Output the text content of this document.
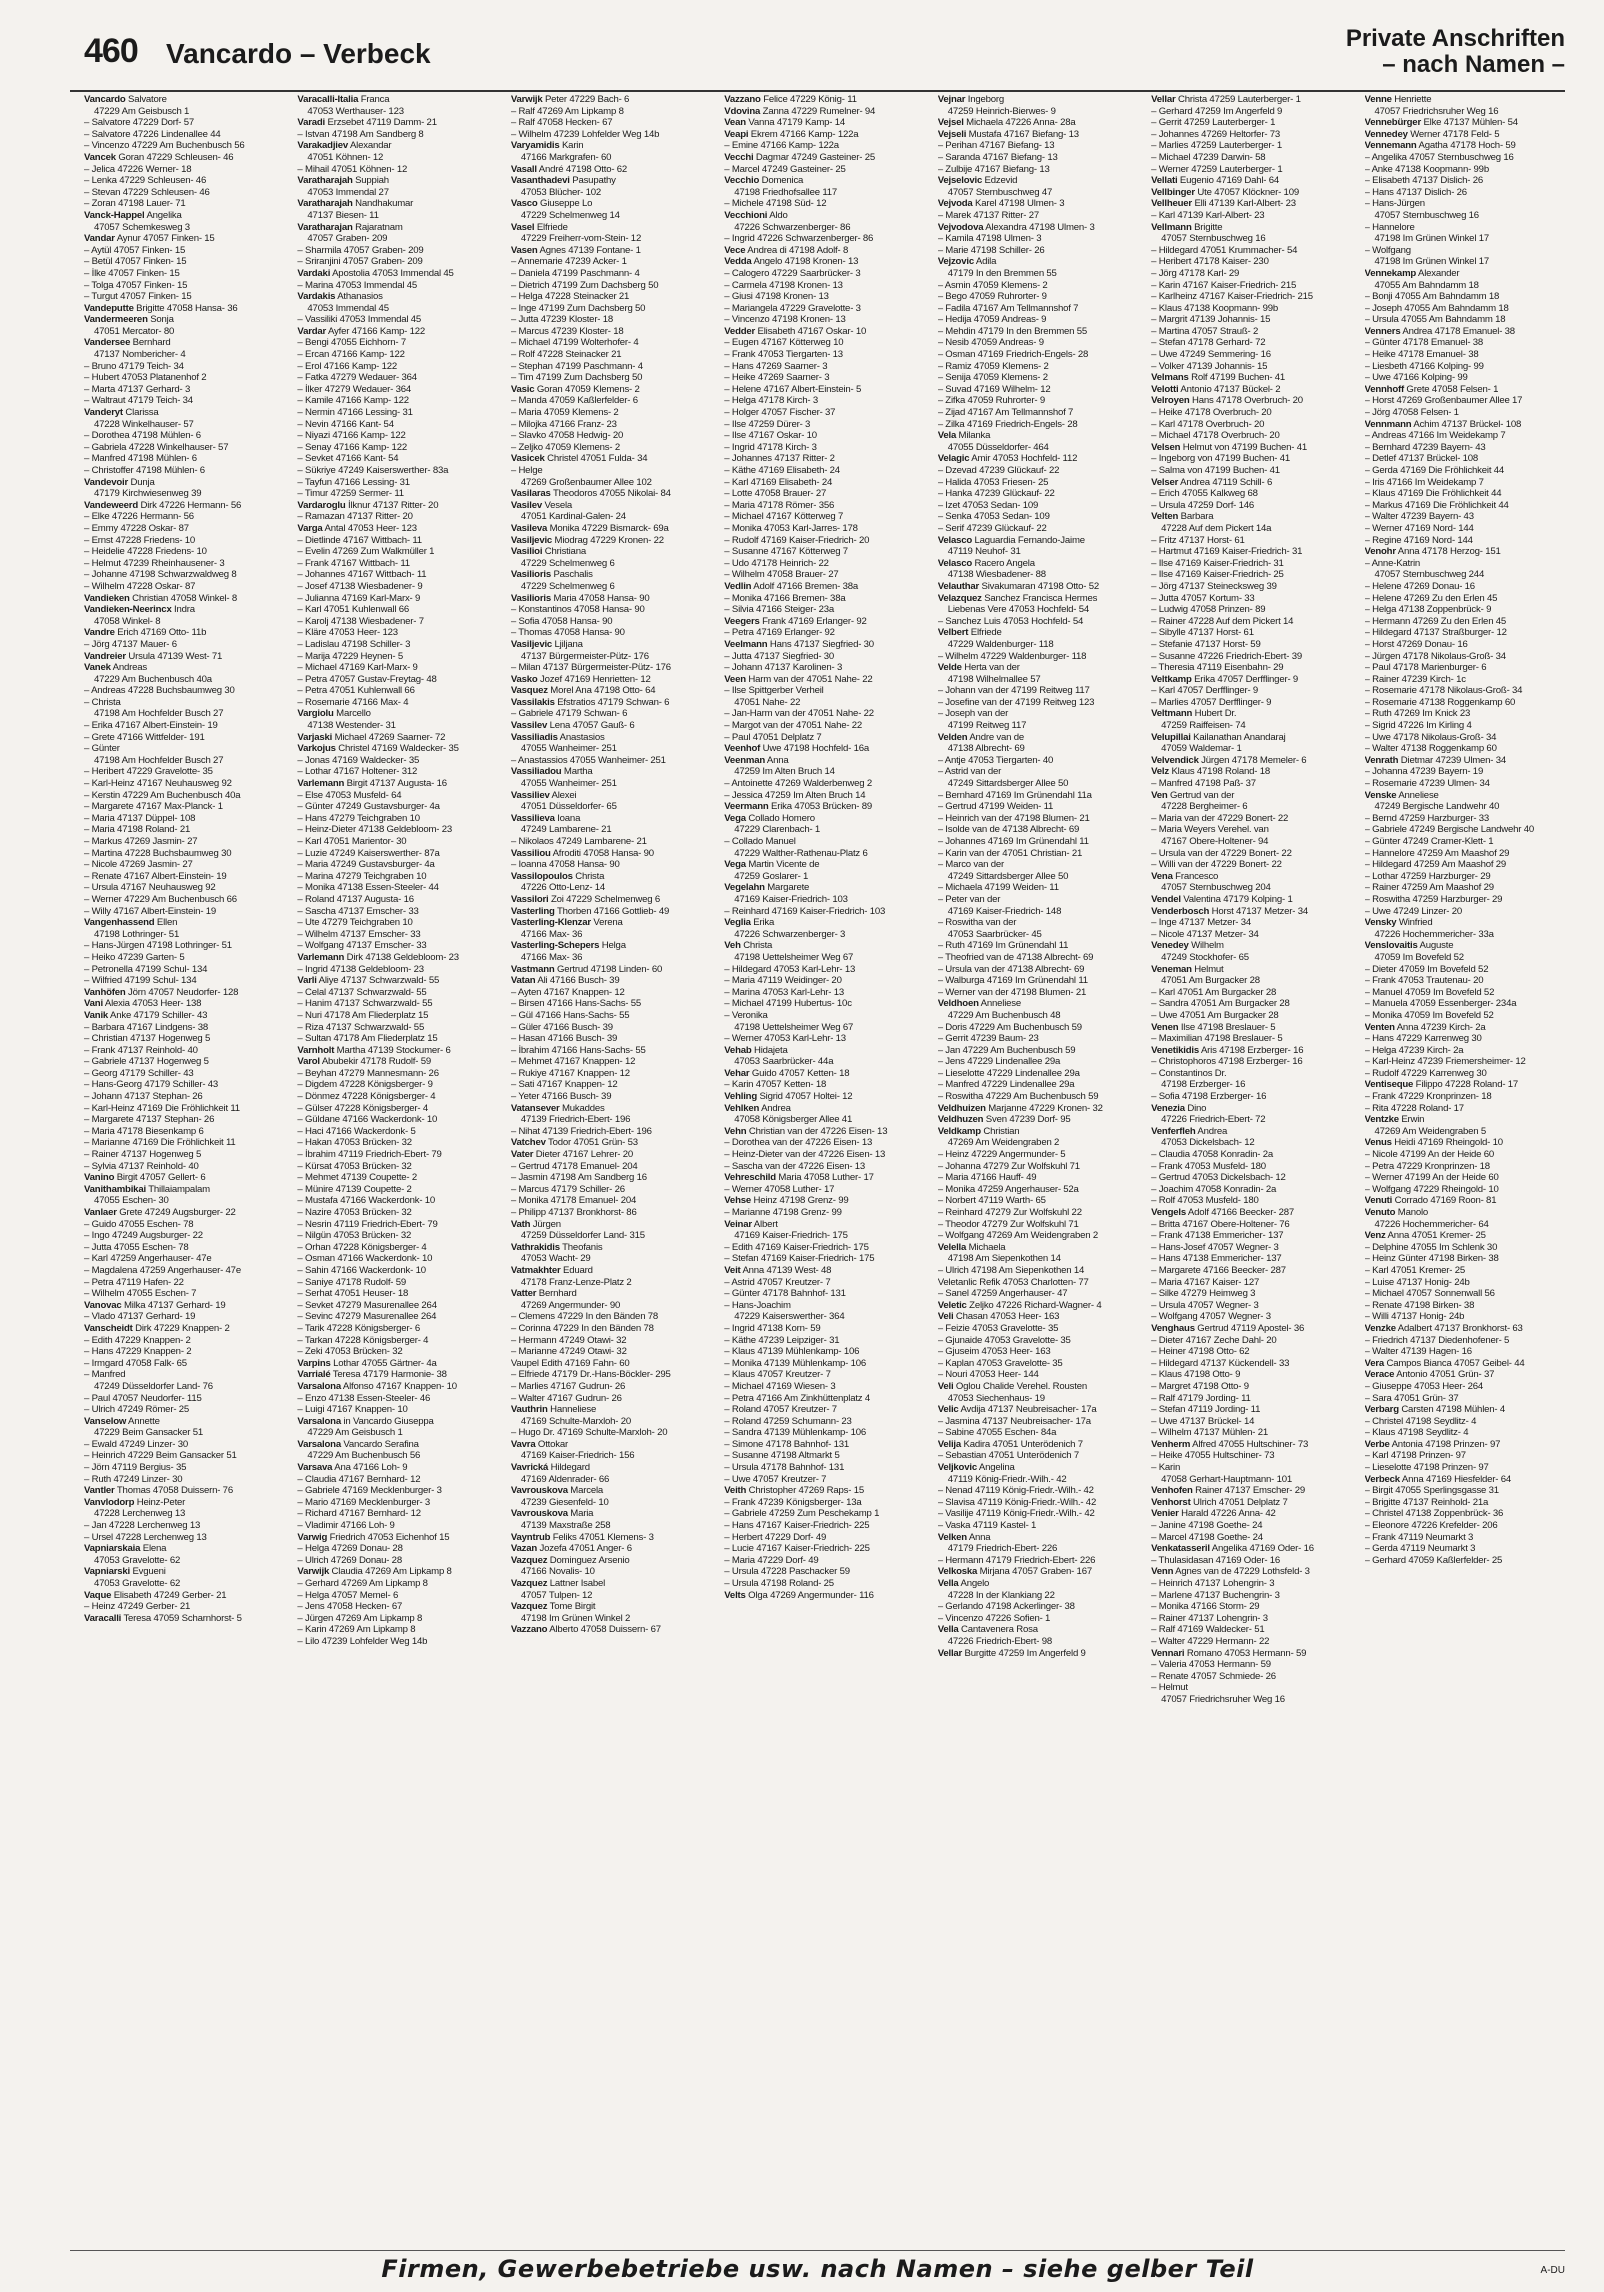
460 Vancardo – Verbeck	Private Anschriften
– nach Namen –
Vancardo Salvatore
47229 Am Geisbusch 1
– Salvatore 47229 Dorf- 57
– Salvatore 47226 Lindenallee 44
– Vincenzo 47229 Am Buchenbusch 56
Vancek Goran 47229 Schleusen- 46
– Jelica 47226 Werner- 18
– Lenka 47229 Schleusen- 46
– Stevan 47229 Schleusen- 46
– Zoran 47198 Lauer- 71
Vanck-Happel Angelika
47057 Schemkesweg 3
Vandar Aynur 47057 Finken- 15
– Aytül 47057 Finken- 15
– Betül 47057 Finken- 15
– İlke 47057 Finken- 15
– Tolga 47057 Finken- 15
– Turgut 47057 Finken- 15
Vandeputte Brigitte 47058 Hansa- 36
Vandermeeren Sonja
47051 Mercator- 80
Vandersee Bernhard
47137 Nombericher- 4
– Bruno 47179 Teich- 34
– Hubert 47053 Platanenhof 2
– Marta 47137 Gerhard- 3
– Waltraut 47179 Teich- 34
Vanderyt Clarissa
47228 Winkelhauser- 57
– Dorothea 47198 Mühlen- 6
– Gabriela 47228 Winkelhauser- 57
– Manfred 47198 Mühlen- 6
– Christoffer 47198 Mühlen- 6
Vandevoir Dunja
47179 Kirchwiesenweg 39
Vandeweerd Dirk 47226 Hermann- 56
– Elke 47226 Hermann- 56
– Emmy 47228 Oskar- 87
– Ernst 47228 Friedens- 10
– Heidelie 47228 Friedens- 10
– Helmut 47239 Rheinhausener- 3
– Johanne 47198 Schwarzwaldweg 8
– Wilhelm 47228 Oskar- 87
Vandieken Christian 47058 Winkel- 8
Vandieken-Neerincx Indra
47058 Winkel- 8
Vandre Erich 47169 Otto- 11b
– Jörg 47137 Mauer- 6
Vandreier Ursula 47139 West- 71
Vanek Andreas
47229 Am Buchenbusch 40a
– Andreas 47228 Buchsbaumweg 30
– Christa
47198 Am Hochfelder Busch 27
– Erika 47167 Albert-Einstein- 19
– Grete 47166 Wittfelder- 191
– Günter
47198 Am Hochfelder Busch 27
– Heribert 47229 Gravelotte- 35
– Karl-Heinz 47167 Neuhausweg 92
– Kerstin 47229 Am Buchenbusch 40a
– Margarete 47167 Max-Planck- 1
– Maria 47137 Düppel- 108
– Maria 47198 Roland- 21
– Markus 47269 Jasmin- 27
– Martina 47228 Buchsbaumweg 30
– Nicole 47269 Jasmin- 27
– Renate 47167 Albert-Einstein- 19
– Ursula 47167 Neuhausweg 92
– Werner 47229 Am Buchenbusch 66
– Willy 47167 Albert-Einstein- 19
Vangenhassend Ellen
47198 Lothringer- 51
– Hans-Jürgen 47198 Lothringer- 51
– Heiko 47239 Garten- 5
– Petronella 47199 Schul- 134
– Wilfried 47199 Schul- 134
Vanhöfen Jörn 47057 Neudorfer- 128
Vani Alexia 47053 Heer- 138
Vanik Anke 47179 Schiller- 43
– Barbara 47167 Lindgens- 38
– Christian 47137 Hogenweg 5
– Frank 47137 Reinhold- 40
– Gabriele 47137 Hogenweg 5
– Georg 47179 Schiller- 43
– Hans-Georg 47179 Schiller- 43
– Johann 47137 Stephan- 26
– Karl-Heinz 47169 Die Fröhlichkeit 11
– Margarete 47137 Stephan- 26
– Maria 47178 Biesenkamp 6
– Marianne 47169 Die Fröhlichkeit 11
– Rainer 47137 Hogenweg 5
– Sylvia 47137 Reinhold- 40
Vanino Birgit 47057 Gellert- 6
Vanithambikai Thillaiampalam
47055 Eschen- 30
Vanlaer Grete 47249 Augsburger- 22
– Guido 47055 Eschen- 78
– Ingo 47249 Augsburger- 22
– Jutta 47055 Eschen- 78
– Karl 47259 Angerhauser- 47e
– Magdalena 47259 Angerhauser- 47e
– Petra 47119 Hafen- 22
– Wilhelm 47055 Eschen- 7
Vanovac Milka 47137 Gerhard- 19
– Vlado 47137 Gerhard- 19
Vanscheidt Dirk 47229 Knappen- 2
– Edith 47229 Knappen- 2
– Hans 47229 Knappen- 2
– Irmgard 47058 Falk- 65
– Manfred
47249 Düsseldorfer Land- 76
– Paul 47057 Neudorfer- 115
– Ulrich 47249 Römer- 25
Vanselow Annette
47229 Beim Gansacker 51
– Ewald 47249 Linzer- 30
– Heinrich 47229 Beim Gansacker 51
– Jörn 47119 Bergius- 35
– Ruth 47249 Linzer- 30
Vantler Thomas 47058 Duissern- 76
Vanvlodorp Heinz-Peter
47228 Lerchenweg 13
– Jan 47228 Lerchenweg 13
– Ursel 47228 Lerchenweg 13
Vapniarskaia Elena
47053 Gravelotte- 62
Vapniarski Evgueni
47053 Gravelotte- 62
Vaque Elisabeth 47249 Gerber- 21
– Heinz 47249 Gerber- 21
Varacalli Teresa 47059 Scharnhorst- 5
Varacalli-Italia Franca
47053 Werthauser- 123
Varadi Erzsebet 47119 Damm- 21
– Istvan 47198 Am Sandberg 8
Varakadjiev Alexandar
47051 Köhnen- 12
– Mihail 47051 Köhnen- 12
Varatharajah Suppiah
47053 Immendal 27
Varatharajah Nandhakumar
47137 Biesen- 11
Varatharajan Rajaratnam
47057 Graben- 209
– Sharmila 47057 Graben- 209
– Sriranjini 47057 Graben- 209
Vardaki Apostolia 47053 Immendal 45
– Marina 47053 Immendal 45
Vardakis Athanasios
47053 Immendal 45
– Vassiliki 47053 Immendal 45
Vardar Ayfer 47166 Kamp- 122
– Bengi 47055 Eichhorn- 7
– Ercan 47166 Kamp- 122
– Erol 47166 Kamp- 122
– Fatka 47279 Wedauer- 364
– İlker 47279 Wedauer- 364
– Kamile 47166 Kamp- 122
– Nermin 47166 Lessing- 31
– Nevin 47166 Kant- 54
– Niyazi 47166 Kamp- 122
– Senay 47166 Kamp- 122
– Sevket 47166 Kant- 54
– Sükriye 47249 Kaiserswerther- 83a
– Tayfun 47166 Lessing- 31
– Timur 47259 Sermer- 11
Vardaroglu İlknur 47137 Ritter- 20
– Ramazan 47137 Ritter- 20
Varga Antal 47053 Heer- 123
– Dietlinde 47167 Wittbach- 11
– Evelin 47269 Zum Walkmüller 1
– Frank 47167 Wittbach- 11
– Johannes 47167 Wittbach- 11
– Josef 47138 Wiesbadener- 9
– Julianna 47169 Karl-Marx- 9
– Karl 47051 Kuhlenwall 66
– Karolj 47138 Wiesbadener- 7
– Kläre 47053 Heer- 123
– Ladislau 47198 Schiller- 3
– Marija 47229 Heynen- 5
– Michael 47169 Karl-Marx- 9
– Petra 47057 Gustav-Freytag- 48
– Petra 47051 Kuhlenwall 66
– Rosemarie 47166 Max- 4
Vargiolu Marcello
47138 Westender- 31
Varjaski Michael 47269 Saarner- 72
Varkojus Christel 47169 Waldecker- 35
– Jonas 47169 Waldecker- 35
– Lothar 47167 Holtener- 312
Varlemann Birgit 47137 Augusta- 16
– Else 47053 Musfeld- 64
– Günter 47249 Gustavsburger- 4a
– Hans 47279 Teichgraben 10
– Heinz-Dieter 47138 Geldebloom- 23
– Karl 47051 Marientor- 30
– Luzie 47249 Kaiserswerther- 87a
– Maria 47249 Gustavsburger- 4a
– Marina 47279 Teichgraben 10
– Monika 47138 Essen-Steeler- 44
– Roland 47137 Augusta- 16
– Sascha 47137 Emscher- 33
– Ute 47279 Teichgraben 10
– Wilhelm 47137 Emscher- 33
– Wolfgang 47137 Emscher- 33
Varlemann Dirk 47138 Geldebloom- 23
– Ingrid 47138 Geldebloom- 23
Varli Aliye 47137 Schwarzwald- 55
– Celal 47137 Schwarzwald- 55
– Hanim 47137 Schwarzwald- 55
– Nuri 47178 Am Fliederplatz 15
– Riza 47137 Schwarzwald- 55
– Sultan 47178 Am Fliederplatz 15
Varnholt Martha 47139 Stockumer- 6
Varol Abubekir 47178 Rudolf- 59
– Beyhan 47279 Mannesmann- 26
– Digdem 47228 Königsberger- 9
– Dönmez 47228 Königsberger- 4
– Gülser 47228 Königsberger- 4
– Güldane 47166 Wackerdonk- 10
– Haci 47166 Wackerdonk- 5
– Hakan 47053 Brücken- 32
– İbrahim 47119 Friedrich-Ebert- 79
– Kürsat 47053 Brücken- 32
– Mehmet 47139 Coupette- 2
– Münire 47139 Coupette- 2
– Mustafa 47166 Wackerdonk- 10
– Nazire 47053 Brücken- 32
– Nesrin 47119 Friedrich-Ebert- 79
– Nilgün 47053 Brücken- 32
– Orhan 47228 Königsberger- 4
– Osman 47166 Wackerdonk- 10
– Sahin 47166 Wackerdonk- 10
– Saniye 47178 Rudolf- 59
– Serhat 47051 Heuser- 18
– Sevket 47279 Masurenallee 264
– Sevinc 47279 Masurenallee 264
– Tarik 47228 Königsberger- 6
– Tarkan 47228 Königsberger- 4
– Zeki 47053 Brücken- 32
Varpins Lothar 47055 Gärtner- 4a
Varrialé Teresa 47179 Harmonie- 38
Varsalona Alfonso 47167 Knappen- 10
– Enzo 47138 Essen-Steeler- 46
– Luigi 47167 Knappen- 10
Varsalona in Vancardo Giuseppa
47229 Am Geisbusch 1
Varsalona Vancardo Serafina
47229 Am Buchenbusch 56
Varsava Ana 47166 Loh- 9
– Claudia 47167 Bernhard- 12
– Gabriele 47169 Mecklenburger- 3
– Mario 47169 Mecklenburger- 3
– Richard 47167 Bernhard- 12
– Vladimir 47166 Loh- 9
Varwig Friedrich 47053 Eichenhof 15
– Helga 47269 Donau- 28
– Ulrich 47269 Donau- 28
Varwijk Claudia 47269 Am Lipkamp 8
– Gerhard 47269 Am Lipkamp 8
– Helga 47057 Memel- 6
– Jens 47058 Hecken- 67
– Jürgen 47269 Am Lipkamp 8
– Karin 47269 Am Lipkamp 8
– Lilo 47239 Lohfelder Weg 14b
Varwijk Peter 47229 Bach- 6
– Ralf 47269 Am Lipkamp 8
– Ralf 47058 Hecken- 67
– Wilhelm 47239 Lohfelder Weg 14b
Varyamidis Karin
47166 Markgrafen- 60
Vasall André 47198 Otto- 62
Vasanthadevi Pasupathy
47053 Blücher- 102
Vasco Giuseppe Lo
47229 Schelmenweg 14
Vasel Elfriede
47229 Freiherr-vom-Stein- 12
Vasen Agnes 47139 Fontane- 1
– Annemarie 47239 Acker- 1
– Daniela 47199 Paschmann- 4
– Dietrich 47199 Zum Dachsberg 50
– Helga 47228 Steinacker 21
– Inge 47199 Zum Dachsberg 50
– Jutta 47239 Kloster- 18
– Marcus 47239 Kloster- 18
– Michael 47199 Wolterhofer- 4
– Rolf 47228 Steinacker 21
– Stephan 47199 Paschmann- 4
– Tim 47199 Zum Dachsberg 50
Vasic Goran 47059 Klemens- 2
– Manda 47059 Kaßlerfelder- 6
– Maria 47059 Klemens- 2
– Milojka 47166 Franz- 23
– Slavko 47058 Hedwig- 20
– Zeljko 47059 Klemens- 2
Vasicek Christel 47051 Fulda- 34
– Helge
47269 Großenbaumer Allee 102
Vasilaras Theodoros 47055 Nikolai- 84
Vasilev Vesela
47051 Kardinal-Galen- 24
Vasileva Monika 47229 Bismarck- 69a
Vasiljevic Miodrag 47229 Kronen- 22
Vasilioi Christiana
47229 Schelmenweg 6
Vasilioris Paschalis
47229 Schelmenweg 6
Vasilioris Maria 47058 Hansa- 90
– Konstantinos 47058 Hansa- 90
– Sofia 47058 Hansa- 90
– Thomas 47058 Hansa- 90
Vasiljevic Ljiljana
47137 Bürgermeister-Pütz- 176
– Milan 47137 Bürgermeister-Pütz- 176
Vasko Jozef 47169 Henrietten- 12
Vasquez Morel Ana 47198 Otto- 64
Vassilakis Efstratios 47179 Schwan- 6
– Gabriele 47179 Schwan- 6
Vassilev Lena 47057 Gauß- 6
Vassiliadis Anastasios
47055 Wanheimer- 251
– Anastassios 47055 Wanheimer- 251
Vassiliadou Martha
47055 Wanheimer- 251
Vassiliev Alexei
47051 Düsseldorfer- 65
Vassilieva Ioana
47249 Lambarene- 21
– Nikolaos 47249 Lambarene- 21
Vassiliou Afroditi 47058 Hansa- 90
– Ioanna 47058 Hansa- 90
Vassilopoulos Christa
47226 Otto-Lenz- 14
Vassilori Zoi 47229 Schelmenweg 6
Vasterling Thorben 47166 Gottlieb- 49
Vasterling-Klenzar Verena
47166 Max- 36
Vasterling-Schepers Helga
47166 Max- 36
Vastmann Gertrud 47198 Linden- 60
Vatan Ali 47166 Busch- 39
– Ayten 47167 Knappen- 12
– Birsen 47166 Hans-Sachs- 55
– Gül 47166 Hans-Sachs- 55
– Güler 47166 Busch- 39
– Hasan 47166 Busch- 39
– İbrahim 47166 Hans-Sachs- 55
– Mehmet 47167 Knappen- 12
– Rukiye 47167 Knappen- 12
– Sati 47167 Knappen- 12
– Yeter 47166 Busch- 39
Vatansever Mukaddes
47139 Friedrich-Ebert- 196
– Nihat 47139 Friedrich-Ebert- 196
Vatchev Todor 47051 Grün- 53
Vater Dieter 47167 Lehrer- 20
– Gertrud 47178 Emanuel- 204
– Jasmin 47198 Am Sandberg 16
– Marcus 47179 Schiller- 26
– Monika 47178 Emanuel- 204
– Philipp 47137 Bronkhorst- 86
Vath Jürgen
47259 Düsseldorfer Land- 315
Vathrakidis Theofanis
47053 Wacht- 29
Vatmakhter Eduard
47178 Franz-Lenze-Platz 2
Vatter Bernhard
47269 Angermunder- 90
– Clemens 47229 In den Bänden 78
– Corinna 47229 In den Bänden 78
– Hermann 47249 Otawi- 32
– Marianne 47249 Otawi- 32
Vaupel Edith 47169 Fahn- 60
– Elfriede 47179 Dr.-Hans-Böckler- 295
– Marlies 47167 Gudrun- 26
– Walter 47167 Gudrun- 26
Vauthrin Hanneliese
47169 Schulte-Marxloh- 20
– Hugo Dr. 47169 Schulte-Marxloh- 20
Vavra Ottokar
47169 Kaiser-Friedrich- 156
Vavrická Hildegard
47169 Aldenrader- 66
Vavrouskova Marcela
47239 Giesenfeld- 10
Vavrouskova Maria
47139 Maxstraße 258
Vayntrub Feliks 47051 Klemens- 3
Vazan Jozefa 47051 Anger- 6
Vazquez Dominguez Arsenio
47166 Novalis- 10
Vazquez Lattner Isabel
47057 Tulpen- 12
Vazquez Tome Birgit
47198 Im Grünen Winkel 2
Vazzano Alberto 47058 Duissern- 67
Vazzano Felice 47229 König- 11
Vdovina Zanna 47229 Rumelner- 94
Vean Vanna 47179 Kamp- 14
Veapi Ekrem 47166 Kamp- 122a
– Emine 47166 Kamp- 122a
Vecchi Dagmar 47249 Gasteiner- 25
– Marcel 47249 Gasteiner- 25
Vecchio Domenica
47198 Friedhofsallee 117
– Michele 47198 Süd- 12
Vecchioni Aldo
47226 Schwarzenberger- 86
– Ingrid 47226 Schwarzenberger- 86
Vece Andrea di 47198 Adolf- 8
Vedda Angelo 47198 Kronen- 13
– Calogero 47229 Saarbrücker- 3
– Carmela 47198 Kronen- 13
– Giusi 47198 Kronen- 13
– Mariangela 47229 Gravelotte- 3
– Vincenzo 47198 Kronen- 13
Vedder Elisabeth 47167 Oskar- 10
– Eugen 47167 Kötterweg 10
– Frank 47053 Tiergarten- 13
– Hans 47269 Saarner- 3
– Heike 47269 Saarner- 3
– Helene 47167 Albert-Einstein- 5
– Helga 47178 Kirch- 3
– Holger 47057 Fischer- 37
– Ilse 47259 Dürer- 3
– Ilse 47167 Oskar- 10
– Ingrid 47178 Kirch- 3
– Johannes 47137 Ritter- 2
– Käthe 47169 Elisabeth- 24
– Karl 47169 Elisabeth- 24
– Lotte 47058 Brauer- 27
– Maria 47178 Römer- 356
– Michael 47167 Kötterweg 7
– Monika 47053 Karl-Jarres- 178
– Rudolf 47169 Kaiser-Friedrich- 20
– Susanne 47167 Kötterweg 7
– Udo 47178 Heinrich- 22
– Wilhelm 47058 Brauer- 27
Vedlin Adolf 47166 Bremen- 38a
– Monika 47166 Bremen- 38a
– Silvia 47166 Steiger- 23a
Veegers Frank 47169 Erlanger- 92
– Petra 47169 Erlanger- 92
Veelmann Hans 47137 Siegfried- 30
– Jutta 47137 Siegfried- 30
– Johann 47137 Karolinen- 3
Veen Harm van der 47051 Nahe- 22
– Ilse Spittgerber Verheil
47051 Nahe- 22
– Jan-Harm van der 47051 Nahe- 22
– Margot van der 47051 Nahe- 22
– Paul 47051 Delplatz 7
Veenhof Uwe 47198 Hochfeld- 16a
Veenman Anna
47259 Im Alten Bruch 14
– Antoinette 47269 Walderbenweg 2
– Jessica 47259 Im Alten Bruch 14
Veermann Erika 47053 Brücken- 89
Vega Collado Homero
47229 Clarenbach- 1
– Collado Manuel
47229 Walther-Rathenau-Platz 6
Vega Martin Vicente de
47259 Goslarer- 1
Vegelahn Margarete
47169 Kaiser-Friedrich- 103
– Reinhard 47169 Kaiser-Friedrich- 103
Veglia Erika
47226 Schwarzenberger- 3
Veh Christa
47198 Uettelsheimer Weg 67
– Hildegard 47053 Karl-Lehr- 13
– Maria 47119 Weidinger- 20
– Marina 47053 Karl-Lehr- 13
– Michael 47199 Hubertus- 10c
– Veronika
47198 Uettelsheimer Weg 67
– Werner 47053 Karl-Lehr- 13
Vehab Hidajeta
47053 Saarbrücker- 44a
Vehar Guido 47057 Ketten- 18
– Karin 47057 Ketten- 18
Vehling Sigrid 47057 Holtei- 12
Vehlken Andrea
47058 Königsberger Allee 41
Vehn Christian van der 47226 Eisen- 13
– Dorothea van der 47226 Eisen- 13
– Heinz-Dieter van der 47226 Eisen- 13
– Sascha van der 47226 Eisen- 13
Vehreschild Maria 47058 Luther- 17
– Werner 47058 Luther- 17
Vehse Heinz 47198 Grenz- 99
– Marianne 47198 Grenz- 99
Veinar Albert
47169 Kaiser-Friedrich- 175
– Edith 47169 Kaiser-Friedrich- 175
– Stefan 47169 Kaiser-Friedrich- 175
Veit Anna 47139 West- 48
– Astrid 47057 Kreutzer- 7
– Günter 47178 Bahnhof- 131
– Hans-Joachim
47229 Kaiserswerther- 364
– Ingrid 47138 Korn- 59
– Käthe 47239 Leipziger- 31
– Klaus 47139 Mühlenkamp- 106
– Monika 47139 Mühlenkamp- 106
– Klaus 47057 Kreutzer- 7
– Michael 47169 Wiesen- 3
– Petra 47166 Am Zinkhüttenplatz 4
– Roland 47057 Kreutzer- 7
– Roland 47259 Schumann- 23
– Sandra 47139 Mühlenkamp- 106
– Simone 47178 Bahnhof- 131
– Susanne 47198 Altmarkt 5
– Ursula 47178 Bahnhof- 131
– Uwe 47057 Kreutzer- 7
Veith Christopher 47269 Raps- 15
– Frank 47239 Königsberger- 13a
– Gabriele 47259 Zum Peschekamp 1
– Hans 47167 Kaiser-Friedrich- 225
– Herbert 47229 Dorf- 49
– Lucie 47167 Kaiser-Friedrich- 225
– Maria 47229 Dorf- 49
– Ursula 47228 Paschacker 59
– Ursula 47198 Roland- 25
Velts Olga 47269 Angermunder- 116
Vejnar Ingeborg
47259 Heinrich-Bierwes- 9
Vejsel Michaela 47226 Anna- 28a
Vejseli Mustafa 47167 Biefang- 13
– Perihan 47167 Biefang- 13
– Saranda 47167 Biefang- 13
– Zulbije 47167 Biefang- 13
Vejselovic Edzevid
47057 Sternbuschweg 47
Vejvoda Karel 47198 Ulmen- 3
– Marek 47137 Ritter- 27
Vejvodova Alexandra 47198 Ulmen- 3
– Kamila 47198 Ulmen- 3
– Marie 47198 Schiller- 26
Vejzovic Adila
47179 In den Bremmen 55
– Asmin 47059 Klemens- 2
– Bego 47059 Ruhrorter- 9
– Fadila 47167 Am Tellmannshof 7
– Hedija 47059 Andreas- 9
– Mehdin 47179 In den Bremmen 55
– Nesib 47059 Andreas- 9
– Osman 47169 Friedrich-Engels- 28
– Ramiz 47059 Klemens- 2
– Senija 47059 Klemens- 2
– Suvad 47169 Wilhelm- 12
– Zifka 47059 Ruhrorter- 9
– Zijad 47167 Am Tellmannshof 7
– Zilka 47169 Friedrich-Engels- 28
Vela Milanka
47055 Düsseldorfer- 464
Velagic Amir 47053 Hochfeld- 112
– Dzevad 47239 Glückauf- 22
– Halida 47053 Friesen- 25
– Hanka 47239 Glückauf- 22
– Izet 47053 Sedan- 109
– Senka 47053 Sedan- 109
– Serif 47239 Glückauf- 22
Velasco Laguardia Fernando-Jaime
47119 Neuhof- 31
Velasco Racero Angela
47138 Wiesbadener- 88
Velauthar Sivakumaran 47198 Otto- 52
Velazquez Sanchez Francisca Hermes
Liebenas Vere 47053 Hochfeld- 54
– Sanchez Luis 47053 Hochfeld- 54
Velbert Elfriede
47229 Waldenburger- 118
– Wilhelm 47229 Waldenburger- 118
Velde Herta van der
47198 Wilhelmallee 57
– Johann van der 47199 Reitweg 117
– Josefine van der 47199 Reitweg 123
– Joseph van der
47199 Reitweg 117
Velden Andre van de
47138 Albrecht- 69
– Antje 47053 Tiergarten- 40
– Astrid van der
47249 Sittardsberger Allee 50
– Bernhard 47169 Im Grünendahl 11a
– Gertrud 47199 Weiden- 11
– Heinrich van der 47198 Blumen- 21
– Isolde van de 47138 Albrecht- 69
– Johannes 47169 Im Grünendahl 11
– Karin van der 47051 Christian- 21
– Marco van der
47249 Sittardsberger Allee 50
– Michaela 47199 Weiden- 11
– Peter van der
47169 Kaiser-Friedrich- 148
– Roswitha van der
47053 Saarbrücker- 45
– Ruth 47169 Im Grünendahl 11
– Theofried van de 47138 Albrecht- 69
– Ursula van der 47138 Albrecht- 69
– Walburga 47169 Im Grünendahl 11
– Werner van der 47198 Blumen- 21
Veldhoen Anneliese
47229 Am Buchenbusch 48
– Doris 47229 Am Buchenbusch 59
– Gerrit 47239 Baum- 23
– Jan 47229 Am Buchenbusch 59
– Jens 47229 Lindenallee 29a
– Lieselotte 47229 Lindenallee 29a
– Manfred 47229 Lindenallee 29a
– Roswitha 47229 Am Buchenbusch 59
Veldhuizen Marjanne 47229 Kronen- 32
Veldhuzen Sven 47239 Dorf- 95
Veldkamp Christian
47269 Am Weidengraben 2
– Heinz 47229 Angermunder- 5
– Johanna 47279 Zur Wolfskuhl 71
– Maria 47166 Hauff- 49
– Monika 47259 Angerhauser- 52a
– Norbert 47119 Warth- 65
– Reinhard 47279 Zur Wolfskuhl 22
– Theodor 47279 Zur Wolfskuhl 71
– Wolfgang 47269 Am Weidengraben 2
Velella Michaela
47198 Am Siepenkothen 14
– Ulrich 47198 Am Siepenkothen 14
Veletanlic Refik 47053 Charlotten- 77
– Sanel 47259 Angerhauser- 47
Veletic Zeljko 47226 Richard-Wagner- 4
Veli Chasan 47053 Heer- 163
– Feizie 47053 Gravelotte- 35
– Gjunaide 47053 Gravelotte- 35
– Gjuseim 47053 Heer- 163
– Kaplan 47053 Gravelotte- 35
– Nouri 47053 Heer- 144
Veli Oglou Chalide Verehel. Rousten
47053 Siechenhaus- 19
Velic Avdija 47137 Neubreisacher- 17a
– Jasmina 47137 Neubreisacher- 17a
– Sabine 47055 Eschen- 84a
Velija Kadira 47051 Unterödenich 7
– Sebastian 47051 Unterödenich 7
Veljkovic Angelina
47119 König-Friedr.-Wilh.- 42
– Nenad 47119 König-Friedr.-Wilh.- 42
– Slavisa 47119 König-Friedr.-Wilh.- 42
– Vasilije 47119 König-Friedr.-Wilh.- 42
– Vaska 47119 Kastel- 1
Velken Anna
47179 Friedrich-Ebert- 226
– Hermann 47179 Friedrich-Ebert- 226
Velkoska Mirjana 47057 Graben- 167
Vella Angelo
47228 In der Klankiang 22
– Gerlando 47198 Ackerlinger- 38
– Vincenzo 47226 Sofien- 1
Vella Cantavenera Rosa
47226 Friedrich-Ebert- 98
Vellar Burgitte 47259 Im Angerfeld 9
Vellar Christa 47259 Lauterberger- 1
– Gerhard 47259 Im Angerfeld 9
– Gerrit 47259 Lauterberger- 1
– Johannes 47269 Heltorfer- 73
– Marlies 47259 Lauterberger- 1
– Michael 47239 Darwin- 58
– Werner 47259 Lauterberger- 1
Vellati Eugenio 47169 Dahl- 64
Vellbinger Ute 47057 Klöckner- 109
Vellheuer Elli 47139 Karl-Albert- 23
– Karl 47139 Karl-Albert- 23
Vellmann Brigitte
47057 Sternbuschweg 16
– Hildegard 47051 Krummacher- 54
– Heribert 47178 Kaiser- 230
– Jörg 47178 Karl- 29
– Karin 47167 Kaiser-Friedrich- 215
– Karlheinz 47167 Kaiser-Friedrich- 215
– Klaus 47138 Koopmann- 99b
– Margrit 47139 Johannis- 15
– Martina 47057 Strauß- 2
– Stefan 47178 Gerhard- 72
– Uwe 47249 Semmering- 16
– Volker 47139 Johannis- 15
Velmans Rolf 47199 Buchen- 41
Velotti Antonio 47137 Bückel- 2
Velroyen Hans 47178 Overbruch- 20
– Heike 47178 Overbruch- 20
– Karl 47178 Overbruch- 20
– Michael 47178 Overbruch- 20
Velsen Helmut von 47199 Buchen- 41
– Ingeborg von 47199 Buchen- 41
– Salma von 47199 Buchen- 41
Velser Andrea 47119 Schill- 6
– Erich 47055 Kalkweg 68
– Ursula 47259 Dorf- 146
Velten Barbara
47228 Auf dem Pickert 14a
– Fritz 47137 Horst- 61
– Hartmut 47169 Kaiser-Friedrich- 31
– Ilse 47169 Kaiser-Friedrich- 31
– Ilse 47169 Kaiser-Friedrich- 25
– Jörg 47137 Steinecksweg 39
– Jutta 47057 Kortum- 33
– Ludwig 47058 Prinzen- 89
– Rainer 47228 Auf dem Pickert 14
– Sibylle 47137 Horst- 61
– Stefanie 47137 Horst- 59
– Susanne 47226 Friedrich-Ebert- 39
– Theresia 47119 Eisenbahn- 29
Veltkamp Erika 47057 Derfflinger- 9
– Karl 47057 Derfflinger- 9
– Marlies 47057 Derfflinger- 9
Veltmann Hubert Dr.
47259 Raiffeisen- 74
Velupillai Kailanathan Anandaraj
47059 Waldemar- 1
Velvendick Jürgen 47178 Memeler- 6
Velz Klaus 47198 Roland- 18
– Manfred 47198 Paß- 37
Ven Gertrud van der
47228 Bergheimer- 6
– Maria van der 47229 Bonert- 22
– Maria Weyers Verehel. van
47167 Obere-Holtener- 94
– Ursula van der 47229 Bonert- 22
– Willi van der 47229 Bonert- 22
Vena Francesco
47057 Sternbuschweg 204
Vendel Valentina 47179 Kolping- 1
Venderbosch Horst 47137 Metzer- 34
– Inge 47137 Metzer- 34
– Nicole 47137 Metzer- 34
Venedey Wilhelm
47249 Stockhofer- 65
Veneman Helmut
47051 Am Burgacker 28
– Karl 47051 Am Burgacker 28
– Sandra 47051 Am Burgacker 28
– Uwe 47051 Am Burgacker 28
Venen Ilse 47198 Breslauer- 5
– Maximilian 47198 Breslauer- 5
Venetikidis Aris 47198 Erzberger- 16
– Christophoros 47198 Erzberger- 16
– Constantinos Dr.
47198 Erzberger- 16
– Sofia 47198 Erzberger- 16
Venezia Dino
47226 Friedrich-Ebert- 72
Venferfleh Andrea
47053 Dickelsbach- 12
– Claudia 47058 Konradin- 2a
– Frank 47053 Musfeld- 180
– Gertrud 47053 Dickelsbach- 12
– Joachim 47058 Konradin- 2a
– Rolf 47053 Musfeld- 180
Vengels Adolf 47166 Beecker- 287
– Britta 47167 Obere-Holtener- 76
– Frank 47138 Emmericher- 137
– Hans-Josef 47057 Wegner- 3
– Hans 47138 Emmericher- 137
– Margarete 47166 Beecker- 287
– Maria 47167 Kaiser- 127
– Silke 47279 Heimweg 3
– Ursula 47057 Wegner- 3
– Wolfgang 47057 Wegner- 3
Venghaus Gertrud 47119 Apostel- 36
– Dieter 47167 Zeche Dahl- 20
– Heiner 47198 Otto- 62
– Hildegard 47137 Kückendell- 33
– Klaus 47198 Otto- 9
– Margret 47198 Otto- 9
– Ralf 47179 Jording- 11
– Stefan 47119 Jording- 11
– Uwe 47137 Brückel- 14
– Wilhelm 47137 Mühlen- 21
Venherm Alfred 47055 Hultschiner- 73
– Heike 47055 Hultschiner- 73
– Karin
47058 Gerhart-Hauptmann- 101
Venhofen Rainer 47137 Emscher- 29
Venhorst Ulrich 47051 Delplatz 7
Venier Harald 47226 Anna- 42
– Janine 47198 Goethe- 24
– Marcel 47198 Goethe- 24
Venkatasseril Angelika 47169 Oder- 16
– Thulasidasan 47169 Oder- 16
Venn Agnes van de 47229 Lothsfeld- 3
– Heinrich 47137 Lohengrin- 3
– Marlene 47137 Buchengrin- 3
– Monika 47166 Storm- 29
– Rainer 47137 Lohengrin- 3
– Ralf 47169 Waldecker- 51
– Walter 47229 Hermann- 22
Vennari Romano 47053 Hermann- 59
– Valeria 47053 Hermann- 59
– Renate 47057 Schmiede- 26
– Helmut
47057 Friedrichsruher Weg 16
Venne Henriette
47057 Friedrichsruher Weg 16
Vennebürger Elke 47137 Mühlen- 54
Vennedey Werner 47178 Feld- 5
Vennemann Agatha 47178 Hoch- 59
– Angelika 47057 Sternbuschweg 16
– Anke 47138 Koopmann- 99b
– Elisabeth 47137 Dislich- 26
– Hans 47137 Dislich- 26
– Hans-Jürgen
47057 Sternbuschweg 16
– Hannelore
47198 Im Grünen Winkel 17
– Wolfgang
47198 Im Grünen Winkel 17
Vennekamp Alexander
47055 Am Bahndamm 18
– Bonji 47055 Am Bahndamm 18
– Joseph 47055 Am Bahndamm 18
– Ursula 47055 Am Bahndamm 18
Venners Andrea 47178 Emanuel- 38
– Günter 47178 Emanuel- 38
– Heike 47178 Emanuel- 38
– Liesbeth 47166 Kolping- 99
– Uwe 47166 Kolping- 99
Vennhoff Grete 47058 Felsen- 1
– Horst 47269 Großenbaumer Allee 17
– Jörg 47058 Felsen- 1
Vennmann Achim 47137 Brückel- 108
– Andreas 47166 Im Weidekamp 7
– Bernhard 47239 Bayern- 43
– Detlef 47137 Brückel- 108
– Gerda 47169 Die Fröhlichkeit 44
– Iris 47166 Im Weidekamp 7
– Klaus 47169 Die Fröhlichkeit 44
– Markus 47169 Die Fröhlichkeit 44
– Walter 47239 Bayern- 43
– Werner 47169 Nord- 144
– Regine 47169 Nord- 144
Venohr Anna 47178 Herzog- 151
– Anne-Katrin
47057 Sternbuschweg 244
– Helene 47269 Donau- 16
– Helene 47269 Zu den Erlen 45
– Helga 47138 Zoppenbrück- 9
– Hermann 47269 Zu den Erlen 45
– Hildegard 47137 Straßburger- 12
– Horst 47269 Donau- 16
– Jürgen 47178 Nikolaus-Groß- 34
– Paul 47178 Marienburger- 6
– Rainer 47239 Kirch- 1c
– Rosemarie 47178 Nikolaus-Groß- 34
– Rosemarie 47138 Roggenkamp 60
– Ruth 47269 Im Knick 23
– Sigrid 47226 Im Kirling 4
– Uwe 47178 Nikolaus-Groß- 34
– Walter 47138 Roggenkamp 60
Venrath Dietmar 47239 Ulmen- 34
– Johanna 47239 Bayern- 19
– Rosemarie 47239 Ulmen- 34
Venske Anneliese
47249 Bergische Landwehr 40
– Bernd 47259 Harzburger- 33
– Gabriele 47249 Bergische Landwehr 40
– Günter 47249 Cramer-Klett- 1
– Hannelore 47259 Am Maashof 29
– Hildegard 47259 Am Maashof 29
– Lothar 47259 Harzburger- 29
– Rainer 47259 Am Maashof 29
– Roswitha 47259 Harzburger- 29
– Uwe 47249 Linzer- 20
Vensky Winfried
47226 Hochemmericher- 33a
Venslovaitis Auguste
47059 Im Bovefeld 52
– Dieter 47059 Im Bovefeld 52
– Frank 47053 Trautenau- 20
– Manuel 47059 Im Bovefeld 52
– Manuela 47059 Essenberger- 234a
– Monika 47059 Im Bovefeld 52
Venten Anna 47239 Kirch- 2a
– Hans 47229 Karrenweg 30
– Helga 47239 Kirch- 2a
– Karl-Heinz 47239 Friemersheimer- 12
– Rudolf 47229 Karrenweg 30
Ventiseque Filippo 47228 Roland- 17
– Frank 47229 Kronprinzen- 18
– Rita 47228 Roland- 17
Ventzke Erwin
47269 Am Weidengraben 5
Venus Heidi 47169 Rheingold- 10
– Nicole 47199 An der Heide 60
– Petra 47229 Kronprinzen- 18
– Werner 47199 An der Heide 60
– Wolfgang 47229 Rheingold- 10
Venuti Corrado 47169 Roon- 81
Venuto Manolo
47226 Hochemmericher- 64
Venz Anna 47051 Kremer- 25
– Delphine 47055 Im Schlenk 30
– Heinz Günter 47198 Birken- 38
– Karl 47051 Kremer- 25
– Luise 47137 Honig- 24b
– Michael 47057 Sonnenwall 56
– Renate 47198 Birken- 38
– Willi 47137 Honig- 24b
Venzke Adalbert 47137 Bronkhorst- 63
– Friedrich 47137 Diedenhofener- 5
– Walter 47139 Hagen- 16
Vera Campos Bianca 47057 Geibel- 44
Verace Antonio 47051 Grün- 37
– Giuseppe 47053 Heer- 264
– Sara 47051 Grün- 37
Verbarg Carsten 47198 Mühlen- 4
– Christel 47198 Seydlitz- 4
– Klaus 47198 Seydlitz- 4
Verbe Antonia 47198 Prinzen- 97
– Karl 47198 Prinzen- 97
– Lieselotte 47198 Prinzen- 97
Verbeck Anna 47169 Hiesfelder- 64
– Birgit 47055 Sperlingsgasse 31
– Brigitte 47137 Reinhold- 21a
– Christel 47138 Zoppenbrück- 36
– Eleonore 47226 Krefelder- 206
– Frank 47119 Neumarkt 3
– Gerda 47119 Neumarkt 3
– Gerhard 47059 Kaßlerfelder- 25
Firmen, Gewerbebetriebe usw. nach Namen – siehe gelber Teil	A-DU
